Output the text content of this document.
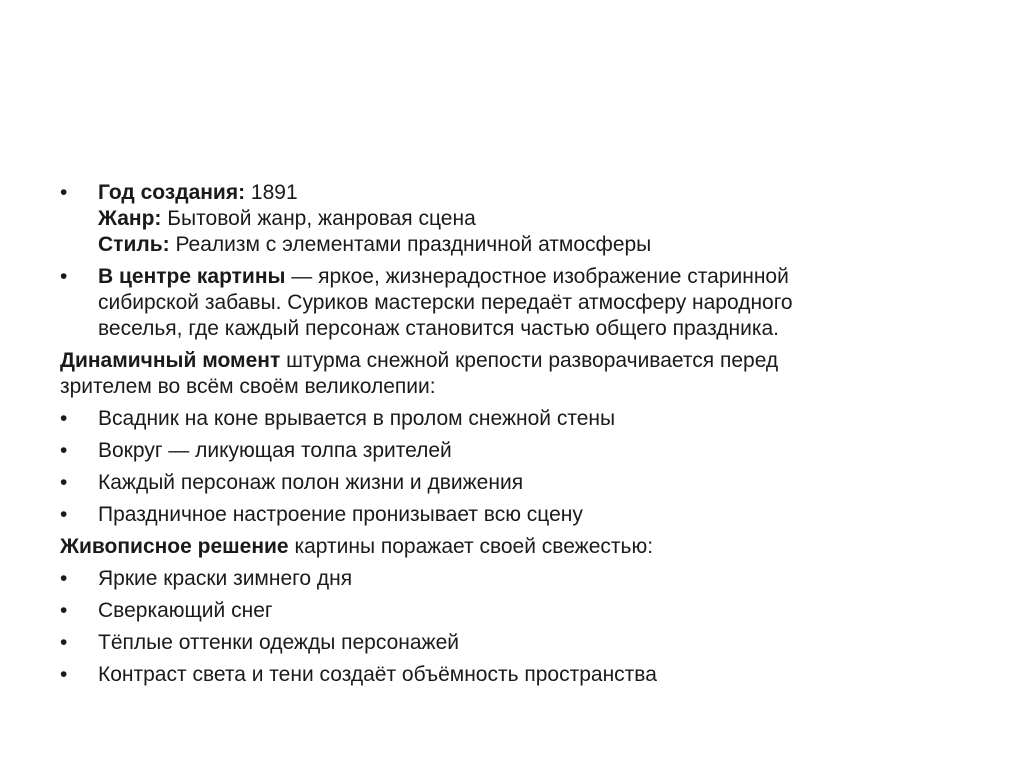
•	Год создания: 1891
Жанр: Бытовой жанр, жанровая сцена
Стиль: Реализм с элементами праздничной атмосферы
•	В центре картины — яркое, жизнерадостное изображение старинной
сибирской забавы. Суриков мастерски передаёт атмосферу народного
веселья, где каждый персонаж становится частью общего праздника.
Динамичный момент штурма снежной крепости разворачивается перед
зрителем во всём своём великолепии:
•	Всадник на коне врывается в пролом снежной стены
•	Вокруг — ликующая толпа зрителей
•	Каждый персонаж полон жизни и движения
•	Праздничное настроение пронизывает всю сцену
Живописное решение картины поражает своей свежестью:
•	Яркие краски зимнего дня
•	Сверкающий снег
•	Тёплые оттенки одежды персонажей
•	Контраст света и тени создаёт объёмность пространства
